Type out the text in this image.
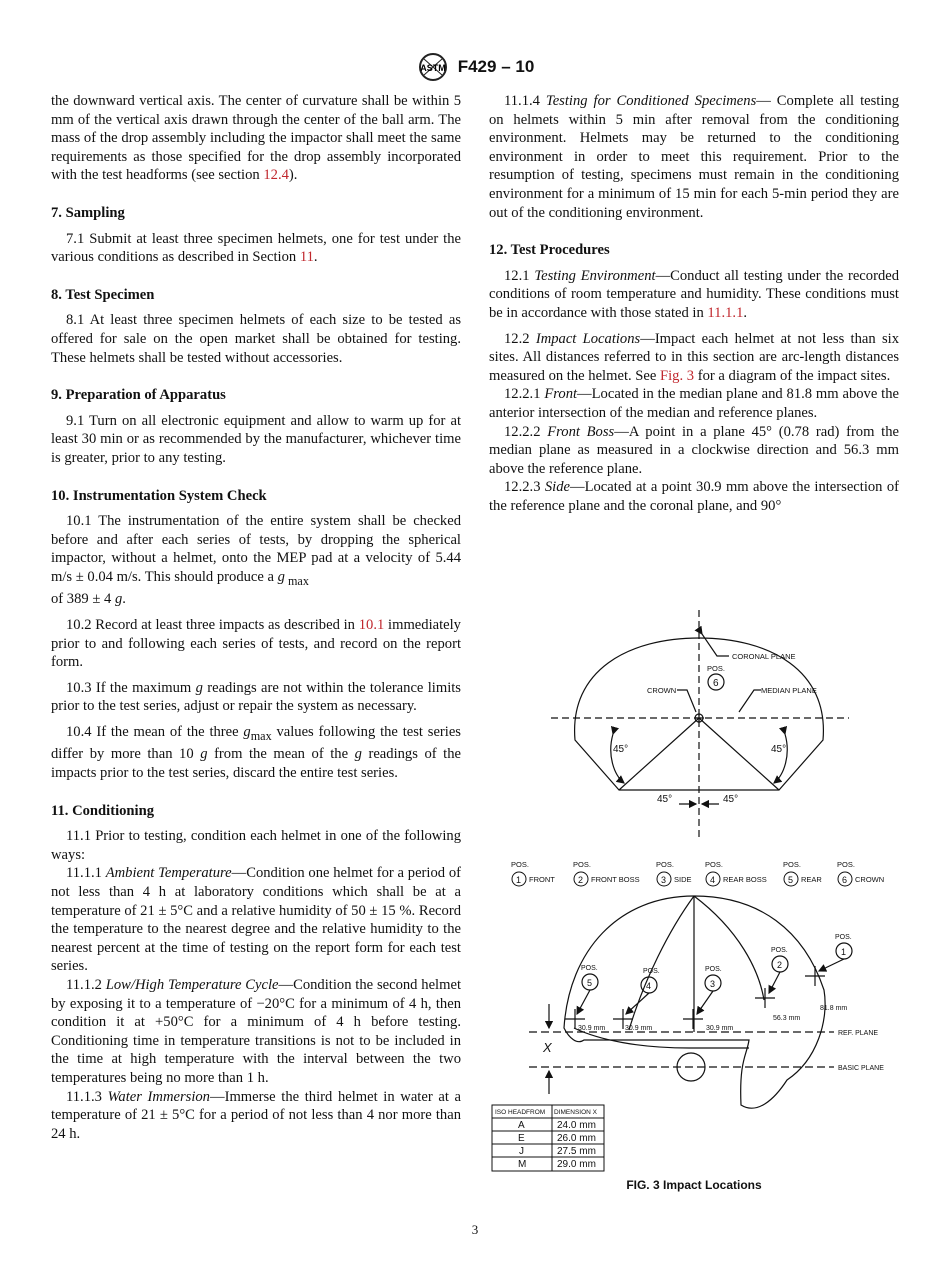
ASTM F429 – 10

the downward vertical axis. The center of curvature shall be within 5 mm of the vertical axis drawn through the center of the ball arm. The mass of the drop assembly including the impactor shall meet the same requirements as those specified for the drop assembly incorporated with the test headforms (see section 12.4).

7. Sampling

7.1 Submit at least three specimen helmets, one for test under the various conditions as described in Section 11.

8. Test Specimen

8.1 At least three specimen helmets of each size to be tested as offered for sale on the open market shall be obtained for testing. These helmets shall be tested without accessories.

9. Preparation of Apparatus

9.1 Turn on all electronic equipment and allow to warm up for at least 30 min or as recommended by the manufacturer, whichever time is greater, prior to any testing.

10. Instrumentation System Check

10.1 The instrumentation of the entire system shall be checked before and after each series of tests, by dropping the spherical impactor, without a helmet, onto the MEP pad at a velocity of 5.44 m/s ± 0.04 m/s. This should produce a g $_{max}$
of 389 ± 4 g.

10.2 Record at least three impacts as described in 10.1 immediately prior to and following each series of tests, and record on the report form.

10.3 If the maximum g readings are not within the tolerance limits prior to the test series, adjust or repair the system as necessary.

10.4 If the mean of the three $g_{max}$ values following the test series differ by more than 10 g from the mean of the g readings of the impacts prior to the test series, discard the entire test series.

11. Conditioning

11.1 Prior to testing, condition each helmet in one of the following ways:

11.1.1 Ambient Temperature—Condition one helmet for a period of not less than 4 h at laboratory conditions which shall be at a temperature of 21 ± 5°C and a relative humidity of 50 ± 15 %. Record the temperature to the nearest degree and the relative humidity to the nearest percent at the time of testing on the report form for each test series.

11.1.2 Low/High Temperature Cycle—Condition the second helmet by exposing it to a temperature of −20°C for a minimum of 4 h, then condition it at +50°C for a minimum of 4 h before testing. Conditioning time in temperature transitions is not to be included in the time at high temperature with the interval between the two temperatures being no more than 1 h.

11.1.3 Water Immersion—Immerse the third helmet in water at a temperature of 21 ± 5°C for a period of not less than 4 nor more than 24 h.

11.1.4 Testing for Conditioned Specimens— Complete all testing on helmets within 5 min after removal from the conditioning environment. Helmets may be returned to the conditioning environment in order to meet this requirement. Prior to the resumption of testing, specimens must remain in the conditioning environment for a minimum of 15 min for each 5-min period they are out of the conditioning environment.

12. Test Procedures

12.1 Testing Environment—Conduct all testing under the recorded conditions of room temperature and humidity. These conditions must be in accordance with those stated in 11.1.1.

12.2 Impact Locations—Impact each helmet at not less than six sites. All distances referred to in this section are arc-length distances measured on the helmet. See Fig. 3 for a diagram of the impact sites.

12.2.1 Front—Located in the median plane and 81.8 mm above the anterior intersection of the median and reference planes.

12.2.2 Front Boss—A point in a plane 45° (0.78 rad) from the median plane as measured in a clockwise direction and 56.3 mm above the reference plane.

12.2.3 Side—Located at a point 30.9 mm above the intersection of the reference plane and the coronal plane, and 90°

CORONAL PLANE
POS.
6
CROWN	MEDIAN PLANE
45°	45°
45°	45°
POS.
1 FRONT
POS.
2 FRONT BOSS
POS.
3 SIDE
POS.
4 REAR BOSS
POS.
5 REAR
POS.
6 CROWN
POS.
5
POS.
4
POS.
3
POS.
2
POS.
1
30.9 mm	30.9 mm	30.9 mm
56.3 mm
81.8 mm
REF. PLANE
BASIC PLANE
X
ISO HEADFROM DIMENSION X
A	24.0 mm
E	26.0 mm
J	27.5 mm
M	29.0 mm
FIG. 3 Impact Locations
3
